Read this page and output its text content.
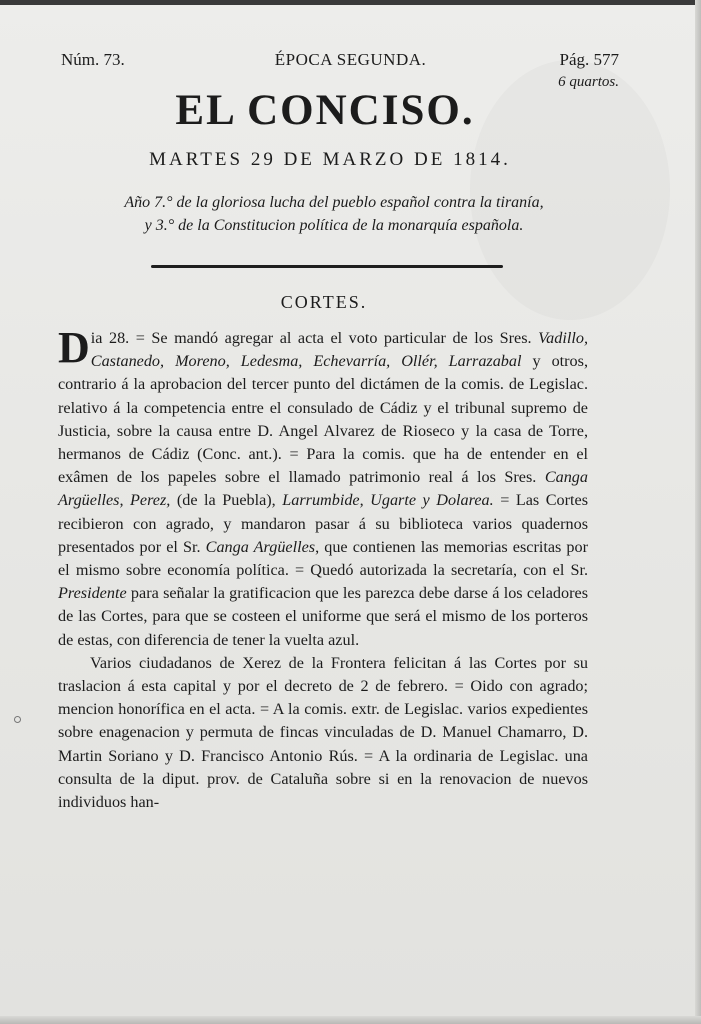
Núm. 73.	ÉPOCA SEGUNDA.	Pág. 577
6 quartos.
EL CONCISO.
MARTES 29 DE MARZO DE 1814.
Año 7.° de la gloriosa lucha del pueblo español contra la tiranía,
y 3.° de la Constitucion política de la monarquía española.
CORTES.

Dia 28. = Se mandó agregar al acta el voto particular de los Sres. Vadillo, Castanedo, Moreno, Ledesma, Echevarría, Ollér, Larrazabal y otros, contrario á la aprobacion del tercer punto del dictámen de la comis. de Legislac. relativo á la competencia entre el consulado de Cádiz y el tribunal supremo de Justicia, sobre la causa entre D. Angel Alvarez de Rioseco y la casa de Torre, hermanos de Cádiz (Conc. ant.). = Para la comis. que ha de entender en el exâmen de los papeles sobre el llamado patrimonio real á los Sres. Canga Argüelles, Perez, (de la Puebla), Larrumbide, Ugarte y Dolarea. = Las Cortes recibieron con agrado, y mandaron pasar á su biblioteca varios quadernos presentados por el Sr. Canga Argüelles, que contienen las memorias escritas por el mismo sobre economía política. = Quedó autorizada la secretaría, con el Sr. Presidente para señalar la gratificacion que les parezca debe darse á los celadores de las Cortes, para que se costeen el uniforme que será el mismo de los porteros de estas, con diferencia de tener la vuelta azul.

Varios ciudadanos de Xerez de la Frontera felicitan á las Cortes por su traslacion á esta capital y por el decreto de 2 de febrero. = Oido con agrado; mencion honorífica en el acta. = A la comis. extr. de Legislac. varios expedientes sobre enagenacion y permuta de fincas vinculadas de D. Manuel Chamarro, D. Martin Soriano y D. Francisco Antonio Rús. = A la ordinaria de Legislac. una consulta de la diput. prov. de Cataluña sobre si en la renovacion de nuevos individuos han-
